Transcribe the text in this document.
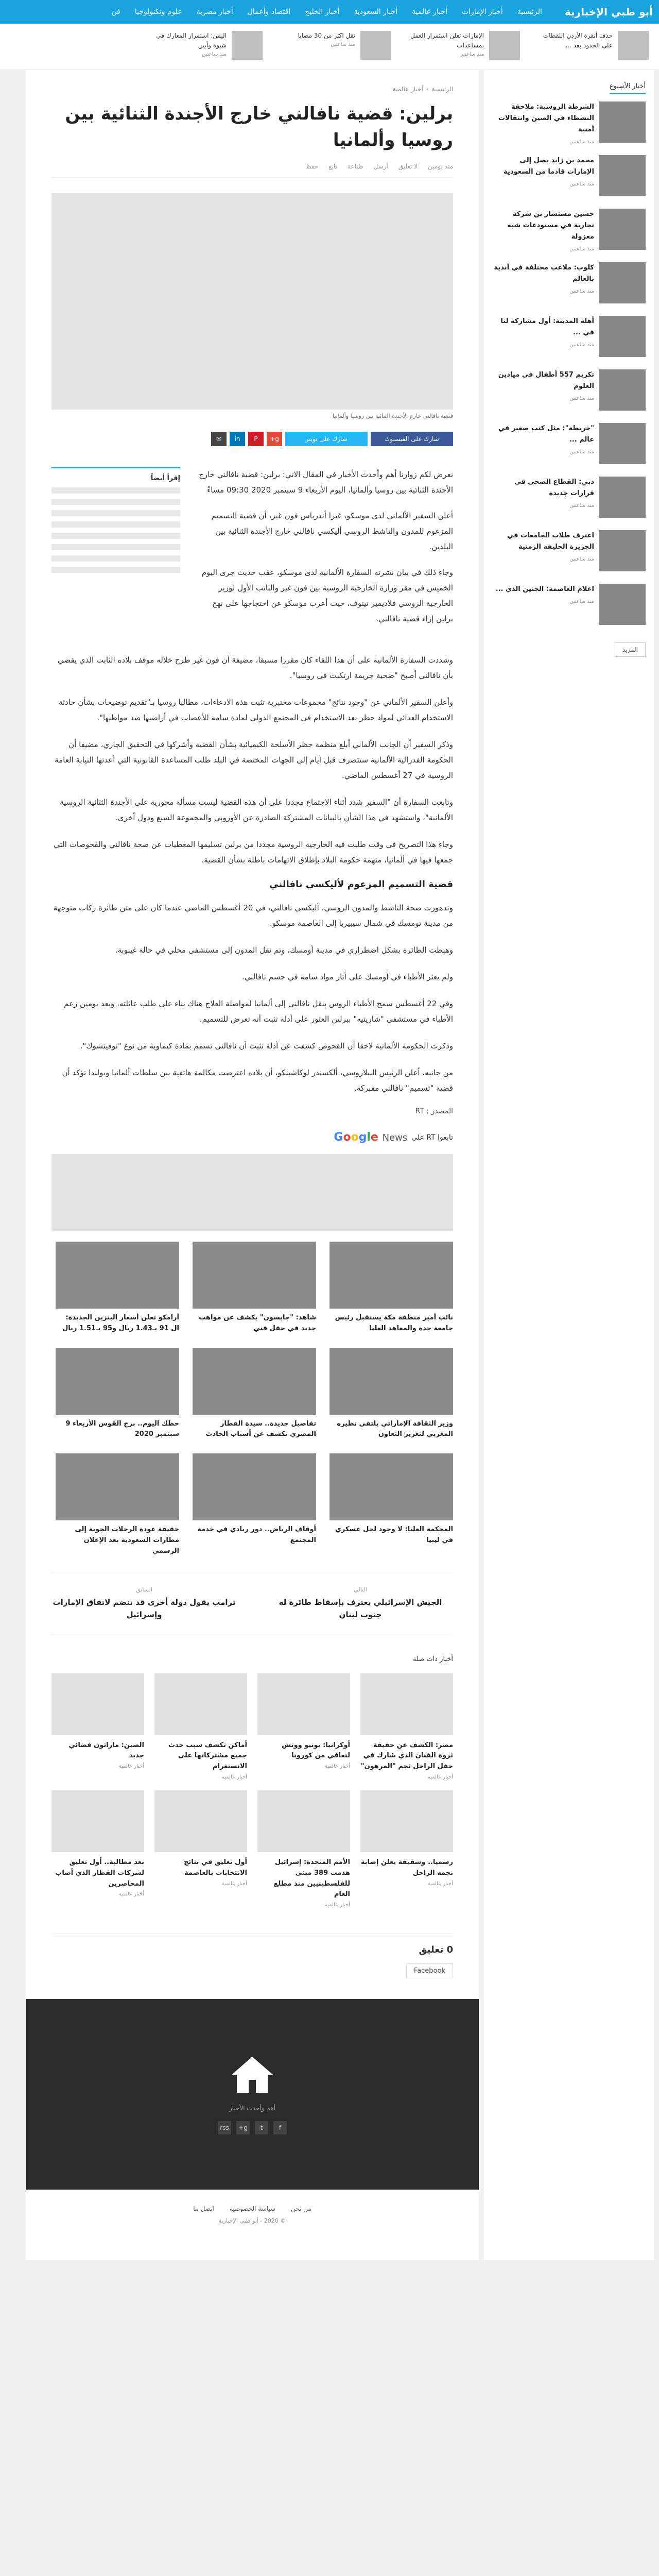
أبو ظبي الإخبارية
الرئيسية
أخبار الإمارات
أخبار عالمية
أخبار السعودية
أخبار الخليج
اقتصاد وأعمال
أخبار مصرية
علوم وتكنولوجيا
فن
حذف أنقرة الأردن اللقطات على الحدود بعد ...
الإمارات تعلن استمرار العمل بمساعدات
منذ ساعتين
نقل اكثر من 30 مصابا
منذ ساعتين
اليمن: استمرار المعارك في شبوة وأبين
منذ ساعتين
أخبار الأسبوع
الشرطة الروسية: ملاحقة النشطاء في الصين وانتقالات أمنية
منذ ساعتين
محمد بن زايد يصل إلى الإمارات قادما من السعودية
منذ ساعتين
حسين مستشار بن شركة تجارية في مستودعات شبه معزولة
منذ ساعتين
كلوب: ملاعب مختلفة في أندية بالعالم
منذ ساعتين
أهلة المدينة: أول مشاركة لنا في ...
منذ ساعتين
تكريم 557 أطفال في ميادين العلوم
منذ ساعتين
"خريطة": مثل كتب صغير في عالم ...
منذ ساعتين
دبي: القطاع الصحي في قرارات جديدة
منذ ساعتين
اعترف طلاب الجامعات في الجزيرة الحليفة الزمنية
منذ ساعتين
اعلام العاصمة: الجنين الذي ...
منذ ساعتين
المزيد
الرئيسية
›
أخبار عالمية
برلين: قضية نافالني خارج الأجندة الثنائية بين روسيا وألمانيا
منذ يومين
لا تعليق
أرسل
طباعة
تابع
حفظ
قضية نافالني خارج الأجندة الثنائية بين روسيا وألمانيا
شارك على الفيسبوك
شارك على تويتر
g+
P
in
✉

نعرض لكم زوارنا أهم وأحدث الأخبار في المقال الاتي: برلين: قضية نافالني خارج الأجندة الثنائية بين روسيا وألمانيا، اليوم الأربعاء 9 سبتمبر 2020 09:30 مساءً

أعلن السفير الألماني لدى موسكو، غيزا أندرياس فون غير، أن قضية التسميم المزعوم للمدون والناشط الروسي أليكسي نافالني خارج الأجندة الثنائية بين البلدين.

وجاء ذلك في بيان نشرته السفارة الألمانية لدى موسكو، عقب حديث جرى اليوم الخميس في مقر وزارة الخارجية الروسية بين فون غير والنائب الأول لوزير الخارجية الروسي فلاديمير تيتوف، حيث أعرب موسكو عن احتجاجها على نهج برلين إزاء قضية نافالني.

إقرأ أيضاً

وشددت السفارة الألمانية على أن هذا اللقاء كان مقررا مسبقا، مضيفة أن فون غير طرح خلاله موقف بلاده الثابت الذي يقضي بأن نافالني أصبح "ضحية جريمة ارتكبت في روسيا".

وأعلن السفير الألماني عن "وجود نتائج" مجموعات مختبرية تثبت هذه الادعاءات، مطالبا روسيا بـ"تقديم توضيحات بشأن حادثة الاستخدام العدائي لمواد حظر بعد الاستخدام في المجتمع الدولي لمادة سامة للأعصاب في أراضيها ضد مواطنها".

وذكر السفير أن الجانب الألماني أبلغ منظمة حظر الأسلحة الكيميائية بشأن القضية وأشركها في التحقيق الجاري، مضيفا أن الحكومة الفدرالية الألمانية ستتصرف قبل أيام إلى الجهات المختصة في البلد طلب المساعدة القانونية التي أعدتها النيابة العامة الروسية في 27 أغسطس الماضي.

وتابعت السفارة أن "السفير شدد أثناء الاجتماع مجددا على أن هذه القضية ليست مسألة محورية على الأجندة الثنائية الروسية الألمانية"، واستشهد في هذا الشأن بالبيانات المشتركة الصادرة عن الأوروبي والمجموعة السبع ودول أخرى.

وجاء هذا التصريح في وقت طلبت فيه الخارجية الروسية مجددا من برلين تسليمها المعطيات عن صحة نافالني والفحوصات التي جمعها فيها في ألمانيا، متهمة حكومة البلاد بإطلاق الاتهامات باطلة بشأن القضية.

قضية التسميم المزعوم لأليكسي نافالني

وتدهورت صحة الناشط والمدون الروسي، أليكسي نافالني، في 20 أغسطس الماضي عندما كان على متن طائرة ركاب متوجهة من مدينة تومسك في شمال سيبيريا إلى العاصمة موسكو.

وهبطت الطائرة بشكل اضطراري في مدينة أومسك، وتم نقل المدون إلى مستشفى محلي في حالة غيبوبة.

ولم يعثر الأطباء في أومسك على أثار مواد سامة في جسم نافالني.

وفي 22 أغسطس سمح الأطباء الروس بنقل نافالني إلى ألمانيا لمواصلة العلاج هناك بناء على طلب عائلته، وبعد يومين زعم الأطباء في مستشفى "شاريتيه" ببرلين العثور على أدلة تثبت أنه تعرض للتسميم.

وذكرت الحكومة الألمانية لاحقا أن الفحوص كشفت عن أدلة تثبت أن نافالني تسمم بمادة كيماوية من نوع "نوفيتشوك".

من جانبه، أعلن الرئيس البيلاروسي، ألكسندر لوكاشينكو، أن بلاده اعترضت مكالمة هاتفية بين سلطات ألمانيا وبولندا تؤكد أن قضية "تسميم" نافالني مفبركة.

المصدر : RT
تابعوا RT على
Google News
نائب أمير منطقة مكة يستقبل رئيس جامعة جدة والمعاهد العليا
شاهد: "جايسون" يكشف عن مواهب جديد في حفل فني
أرامكو تعلن أسعار البنزين الجديدة: ال 91 بـ1.43 ريال و95 بـ1.51 ريال
وزير الثقافة الإماراتي يلتقي نظيره المغربي لتعزيز التعاون
تفاصيل جديدة.. سيدة القطار المصري تكشف عن أسباب الحادث
حظك اليوم.. برج القوس الأربعاء 9 سبتمبر 2020
المحكمة العليا: لا وجود لحل عسكري في ليبيا
أوقاف الرياض.. دور ريادي في خدمة المجتمع
حقيقة عودة الرحلات الجوية إلى مطارات السعودية بعد الإعلان الرسمي
التالي
الجيش الإسرائيلي يعترف بإسقاط طائرة له جنوب لبنان
السابق
ترامب يقول دولة أخرى قد تنضم لاتفاق الإمارات وإسرائيل
أخبار ذات صلة
مصر: الكشف عن حقيقة ثروة الفنان الذي شارك في حفل الراحل نجم "المرهون"
أخبار عالمية
أوكرانيا: يونيو ووتش لتعافي من كورونا
أخبار عالمية
أماكن تكشف سبب حدث جميع مشتركاتها على الانستغرام
أخبار عالمية
الصين: ماراثون فضائي جديد
أخبار عالمية
رسميا.. وشقيقة يعلن إصابة نجمه الراحل
أخبار عالمية
الأمم المتحدة: إسرائيل هدمت 389 مبنى للفلسطينيين منذ مطلع العام
أخبار عالمية
أول تعليق في نتائج الانتخابات بالعاصمة
أخبار عالمية
بعد مطالبة.. أول تعليق لشركات القطار الذي أصاب المحاصرين
أخبار عالمية
0 تعليق
Facebook
أهم وأحدث الأخبار
f
t
g+
rss
من نحن
سياسة الخصوصية
اتصل بنا
© 2020 - أبو ظبي الإخبارية
